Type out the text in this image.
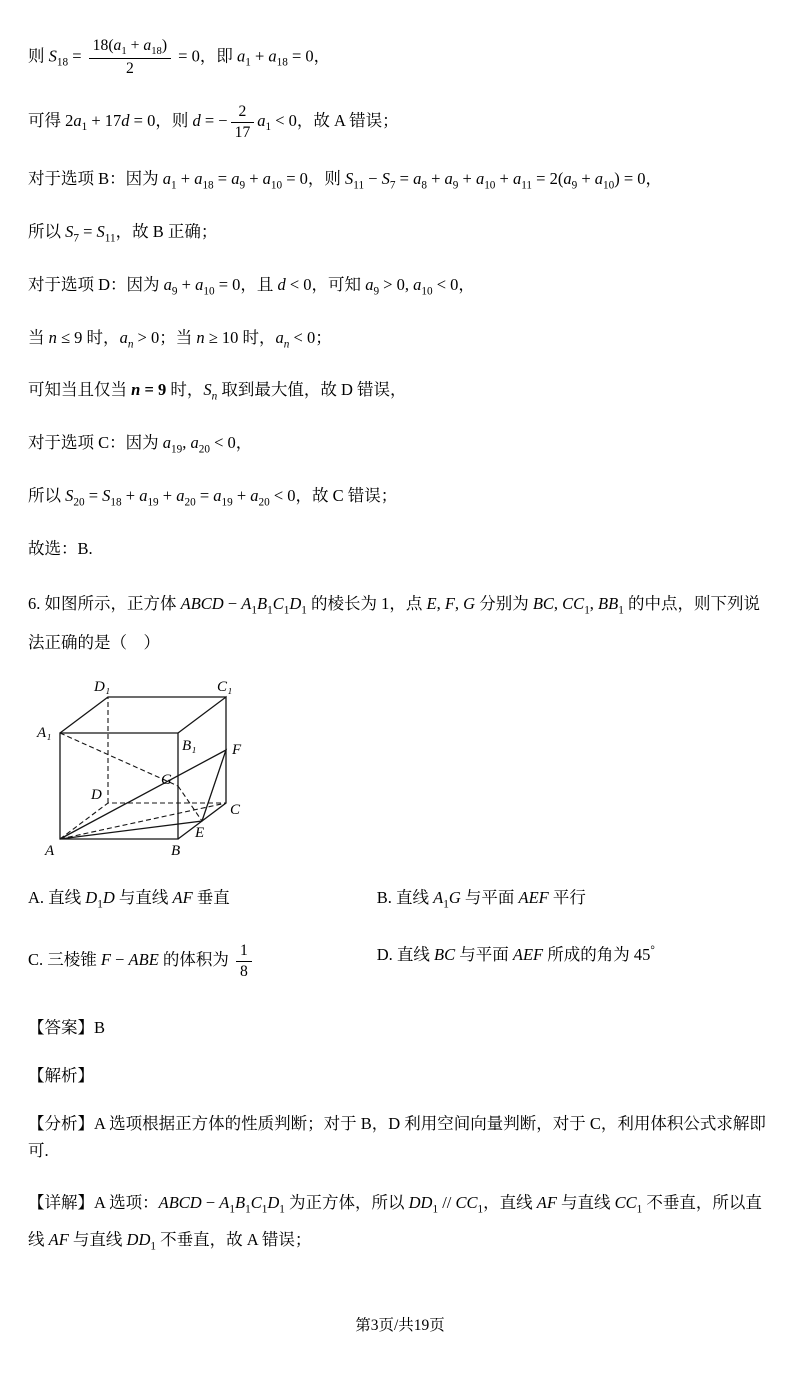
则 $S_{18} = \frac{18(a_1 + a_{18})}{2} = 0$，即 $a_1 + a_{18} = 0$，

可得 $2a_1 + 17d = 0$，则 d = − $\frac{2}{17} a_1 < 0$，故 A 错误；

对于选项 B：因为 $a_1 + a_{18} = a_9 + a_{10} = 0$，则 $S_{11} - S_7 = a_8 + a_9 + a_{10} + a_{11} = 2(a_9 + a_{10}) = 0$，

所以 $S_7 = S_{11}$，故 B 正确；

对于选项 D：因为 $a_9 + a_{10} = 0$，且 d < 0，可知 $a_9 > 0$, $a_{10} < 0$，

当 n ≤ 9 时，$a_n > 0$；当 n ≥ 10 时，$a_n < 0$；

可知当且仅当 n = 9 时，$S_n$ 取到最大值，故 D 错误，

对于选项 C：因为 $a_{19}$, $a_{20} < 0$，

所以 $S_{20} = S_{18} + a_{19} + a_{20} = a_{19} + a_{20} < 0$，故 C 错误；

故选：B.

6. 如图所示，正方体 ABCD − $A_1B_1C_1D_1$ 的棱长为 1，点 E, F, G 分别为 BC, $CC_1$, $BB_1$ 的中点，则下列说法正确的是（　）

D₁	C₁
A₁
B₁ F
G
D
C
E
A	B

A. 直线 $D_1D$ 与直线 AF 垂直	B. 直线 $A_1G$ 与平面 AEF 平行

C. 三棱锥 F − ABE 的体积为 $\frac{1}{8}$	D. 直线 BC 与平面 AEF 所成的角为 45°

【答案】B

【解析】

【分析】A 选项根据正方体的性质判断；对于 B，D 利用空间向量判断，对于 C，利用体积公式求解即可.

【详解】A 选项：ABCD − $A_1B_1C_1D_1$ 为正方体，所以 $DD_1 // CC_1$，直线 AF 与直线 $CC_1$ 不垂直，所以直线 AF 与直线 $DD_1$ 不垂直，故 A 错误；

第3页/共19页
